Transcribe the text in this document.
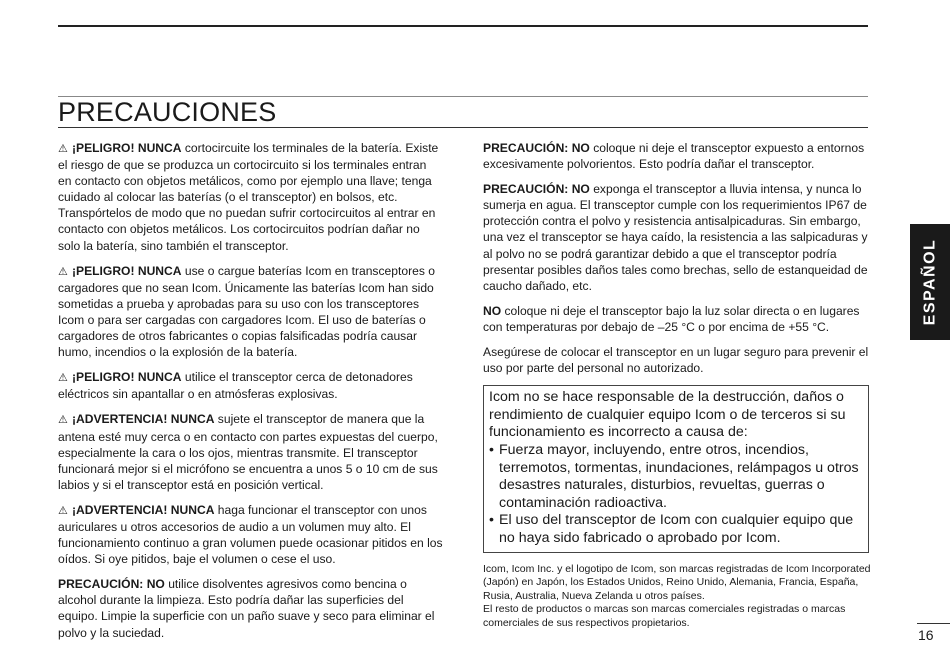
PRECAUCIONES

⚠ ¡PELIGRO! NUNCA cortocircuite los terminales de la batería. Existe el riesgo de que se produzca un cortocircuito si los terminales entran en contacto con objetos metálicos, como por ejemplo una llave; tenga cuidado al colocar las baterías (o el transceptor) en bolsos, etc. Transpórtelos de modo que no puedan sufrir cortocircuitos al entrar en contacto con objetos metálicos. Los cortocircuitos podrían dañar no solo la batería, sino también el transceptor.

⚠ ¡PELIGRO! NUNCA use o cargue baterías Icom en transceptores o cargadores que no sean Icom. Únicamente las baterías Icom han sido sometidas a prueba y aprobadas para su uso con los transceptores Icom o para ser cargadas con cargadores Icom. El uso de baterías o cargadores de otros fabricantes o copias falsificadas podría causar humo, incendios o la explosión de la batería.

⚠ ¡PELIGRO! NUNCA utilice el transceptor cerca de detonadores eléctricos sin apantallar o en atmósferas explosivas.

⚠ ¡ADVERTENCIA! NUNCA sujete el transceptor de manera que la antena esté muy cerca o en contacto con partes expuestas del cuerpo, especialmente la cara o los ojos, mientras transmite. El transceptor funcionará mejor si el micrófono se encuentra a unos 5 o 10 cm de sus labios y si el transceptor está en posición vertical.

⚠ ¡ADVERTENCIA! NUNCA haga funcionar el transceptor con unos auriculares u otros accesorios de audio a un volumen muy alto. El funcionamiento continuo a gran volumen puede ocasionar pitidos en los oídos. Si oye pitidos, baje el volumen o cese el uso.

PRECAUCIÓN: NO utilice disolventes agresivos como bencina o alcohol durante la limpieza. Esto podría dañar las superficies del equipo. Limpie la superficie con un paño suave y seco para eliminar el polvo y la suciedad.

PRECAUCIÓN: NO coloque ni deje el transceptor expuesto a entornos excesivamente polvorientos. Esto podría dañar el transceptor.

PRECAUCIÓN: NO exponga el transceptor a lluvia intensa, y nunca lo sumerja en agua. El transceptor cumple con los requerimientos IP67 de protección contra el polvo y resistencia antisalpicaduras. Sin embargo, una vez el transceptor se haya caído, la resistencia a las salpicaduras y al polvo no se podrá garantizar debido a que el transceptor podría presentar posibles daños tales como brechas, sello de estanqueidad de caucho dañado, etc.

NO coloque ni deje el transceptor bajo la luz solar directa o en lugares con temperaturas por debajo de –25 °C o por encima de +55 °C.

Asegúrese de colocar el transceptor en un lugar seguro para prevenir el uso por parte del personal no autorizado.

Icom no se hace responsable de la destrucción, daños o rendimiento de cualquier equipo Icom o de terceros si su funcionamiento es incorrecto a causa de:
• Fuerza mayor, incluyendo, entre otros, incendios, terremotos, tormentas, inundaciones, relámpagos u otros desastres naturales, disturbios, revueltas, guerras o contaminación radioactiva.
• El uso del transceptor de Icom con cualquier equipo que no haya sido fabricado o aprobado por Icom.

Icom, Icom Inc. y el logotipo de Icom, son marcas registradas de Icom Incorporated (Japón) en Japón, los Estados Unidos, Reino Unido, Alemania, Francia, España, Rusia, Australia, Nueva Zelanda u otros países.

El resto de productos o marcas son marcas comerciales registradas o marcas comerciales de sus respectivos propietarios.

ESPAÑOL
16
